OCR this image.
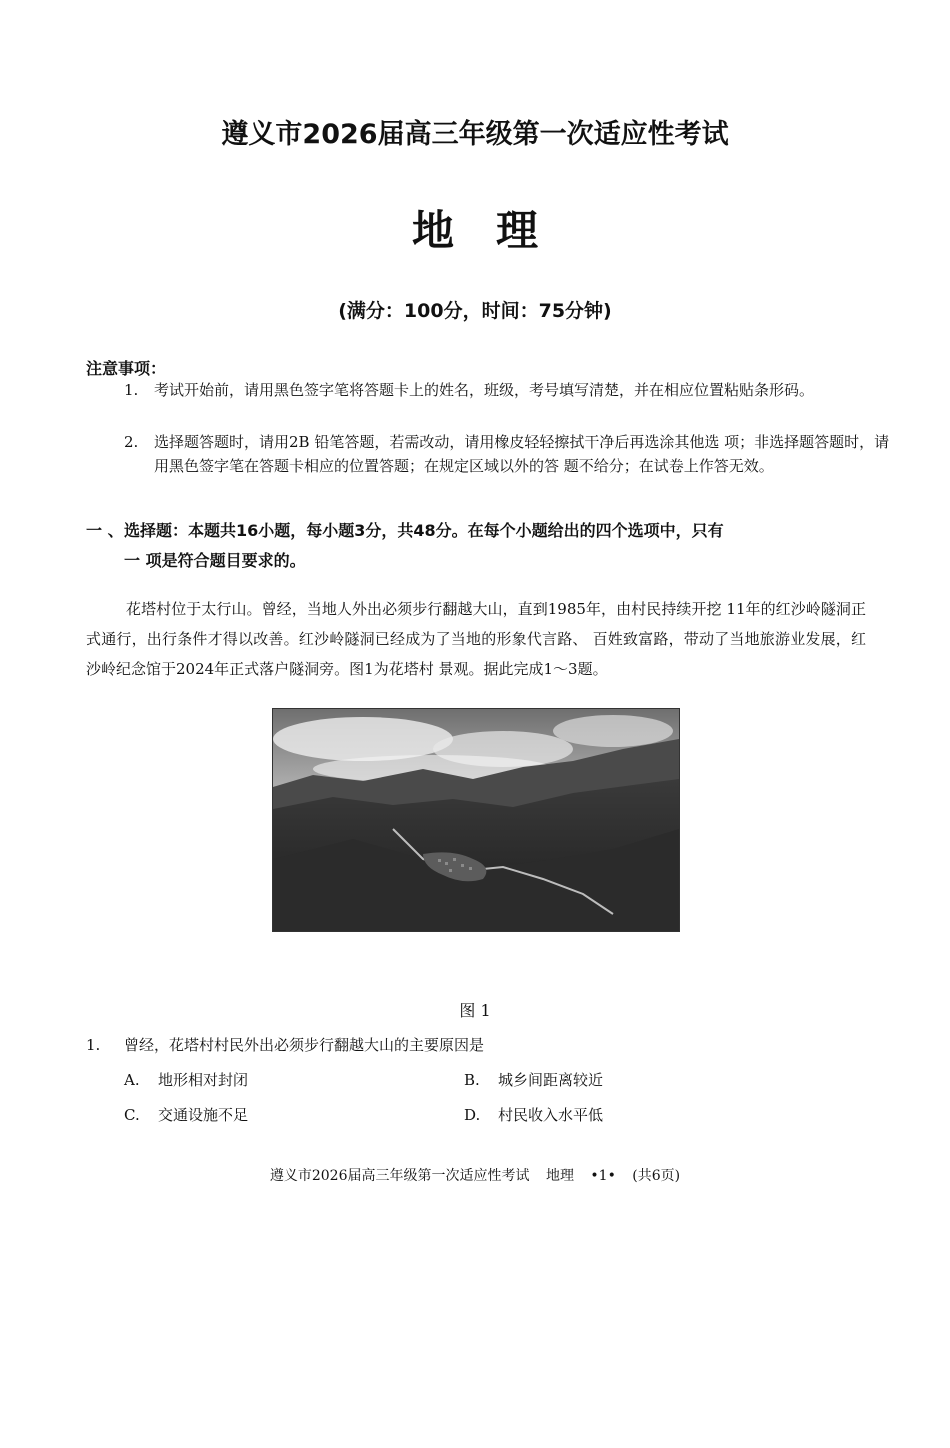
遵义市2026届高三年级第一次适应性考试
地理
(满分：100分，时间：75分钟)
注意事项：
1. 考试开始前，请用黑色签字笔将答题卡上的姓名，班级，考号填写清楚，并在相应位置粘贴条形码。
2. 选择题答题时，请用2B 铅笔答题，若需改动，请用橡皮轻轻擦拭干净后再选涂其他选 项；非选择题答题时，请用黑色签字笔在答题卡相应的位置答题；在规定区域以外的答 题不给分；在试卷上作答无效。
一 、选择题：本题共16小题，每小题3分，共48分。在每个小题给出的四个选项中，只有
一 项是符合题目要求的。
花塔村位于太行山。曾经，当地人外出必须步行翻越大山，直到1985年，由村民持续开挖 11年的红沙岭隧洞正式通行，出行条件才得以改善。红沙岭隧洞已经成为了当地的形象代言路、 百姓致富路，带动了当地旅游业发展，红沙岭纪念馆于2024年正式落户隧洞旁。图1为花塔村 景观。据此完成1～3题。
图 1
1. 曾经，花塔村村民外出必须步行翻越大山的主要原因是
A. 地形相对封闭	B. 城乡间距离较近
C. 交通设施不足	D. 村民收入水平低
遵义市2026届高三年级第一次适应性考试 地理 •1• (共6页)
